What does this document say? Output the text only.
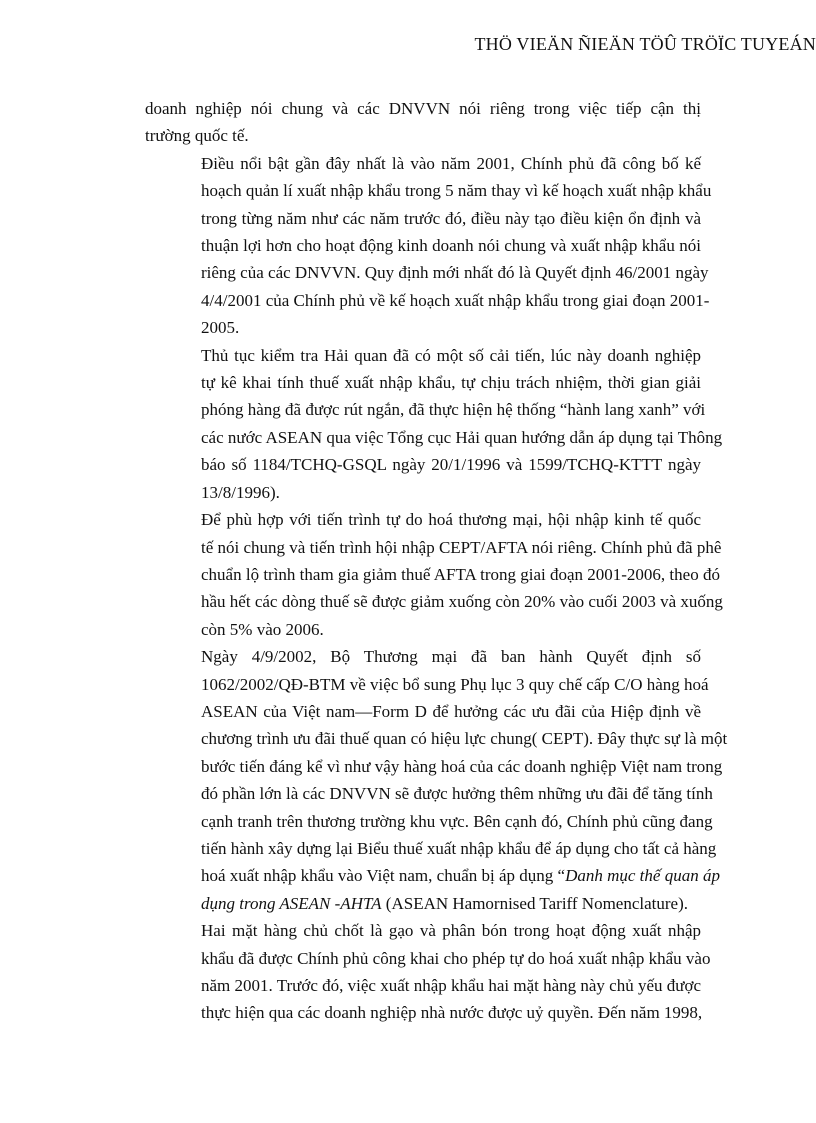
THÖ VIEÄN ÑIEÄN TÖÛ TRÖÏC TUYEÁN

doanh nghiệp nói chung và các DNVVN nói riêng trong việc tiếp cận thị
trường quốc tế.

Điều nổi bật gần đây nhất là vào năm 2001, Chính phủ đã công bố kế
hoạch quản lí xuất nhập khẩu trong 5 năm thay vì kế hoạch xuất nhập khẩu
trong từng năm như các năm trước đó, điều này tạo điều kiện ổn định và
thuận lợi hơn cho hoạt động kinh doanh nói chung và xuất nhập khẩu nói
riêng của các DNVVN. Quy định mới nhất đó là Quyết định 46/2001 ngày
4/4/2001 của Chính phủ về kế hoạch xuất nhập khẩu trong giai đoạn 2001-
2005.

Thủ tục kiểm tra Hải quan đã có một số cải tiến, lúc này doanh nghiệp
tự kê khai tính thuế xuất nhập khẩu, tự chịu trách nhiệm, thời gian giải
phóng hàng đã được rút ngắn, đã thực hiện hệ thống “hành lang xanh” với
các nước ASEAN qua việc Tổng cục Hải quan hướng dẫn áp dụng tại Thông
báo số 1184/TCHQ-GSQL ngày 20/1/1996 và 1599/TCHQ-KTTT ngày
13/8/1996).

Để phù hợp với tiến trình tự do hoá thương mại, hội nhập kinh tế quốc
tế nói chung và tiến trình hội nhập CEPT/AFTA nói riêng. Chính phủ đã phê
chuẩn lộ trình tham gia giảm thuế AFTA trong giai đoạn 2001-2006, theo đó
hầu hết các dòng thuế sẽ được giảm xuống còn 20% vào cuối 2003 và xuống
còn 5% vào 2006.

Ngày 4/9/2002, Bộ Thương mại đã ban hành Quyết định số
1062/2002/QĐ-BTM về việc bổ sung Phụ lục 3 quy chế cấp C/O hàng hoá
ASEAN của Việt nam—Form D để hưởng các ưu đãi của Hiệp định về
chương trình ưu đãi thuế quan có hiệu lực chung( CEPT). Đây thực sự là một
bước tiến đáng kể vì như vậy hàng hoá của các doanh nghiệp Việt nam trong
đó phần lớn là các DNVVN sẽ được hưởng thêm những ưu đãi để tăng tính
cạnh tranh trên thương trường khu vực. Bên cạnh đó, Chính phủ cũng đang
tiến hành xây dựng lại Biểu thuế xuất nhập khẩu để áp dụng cho tất cả hàng
hoá xuất nhập khẩu vào Việt nam, chuẩn bị áp dụng “Danh mục thế quan áp
dụng trong ASEAN -AHTA (ASEAN Hamornised Tariff Nomenclature).

Hai mặt hàng chủ chốt là gạo và phân bón trong hoạt động xuất nhập
khẩu đã được Chính phủ công khai cho phép tự do hoá xuất nhập khẩu vào
năm 2001. Trước đó, việc xuất nhập khẩu hai mặt hàng này chủ yếu được
thực hiện qua các doanh nghiệp nhà nước được uỷ quyền. Đến năm 1998,
